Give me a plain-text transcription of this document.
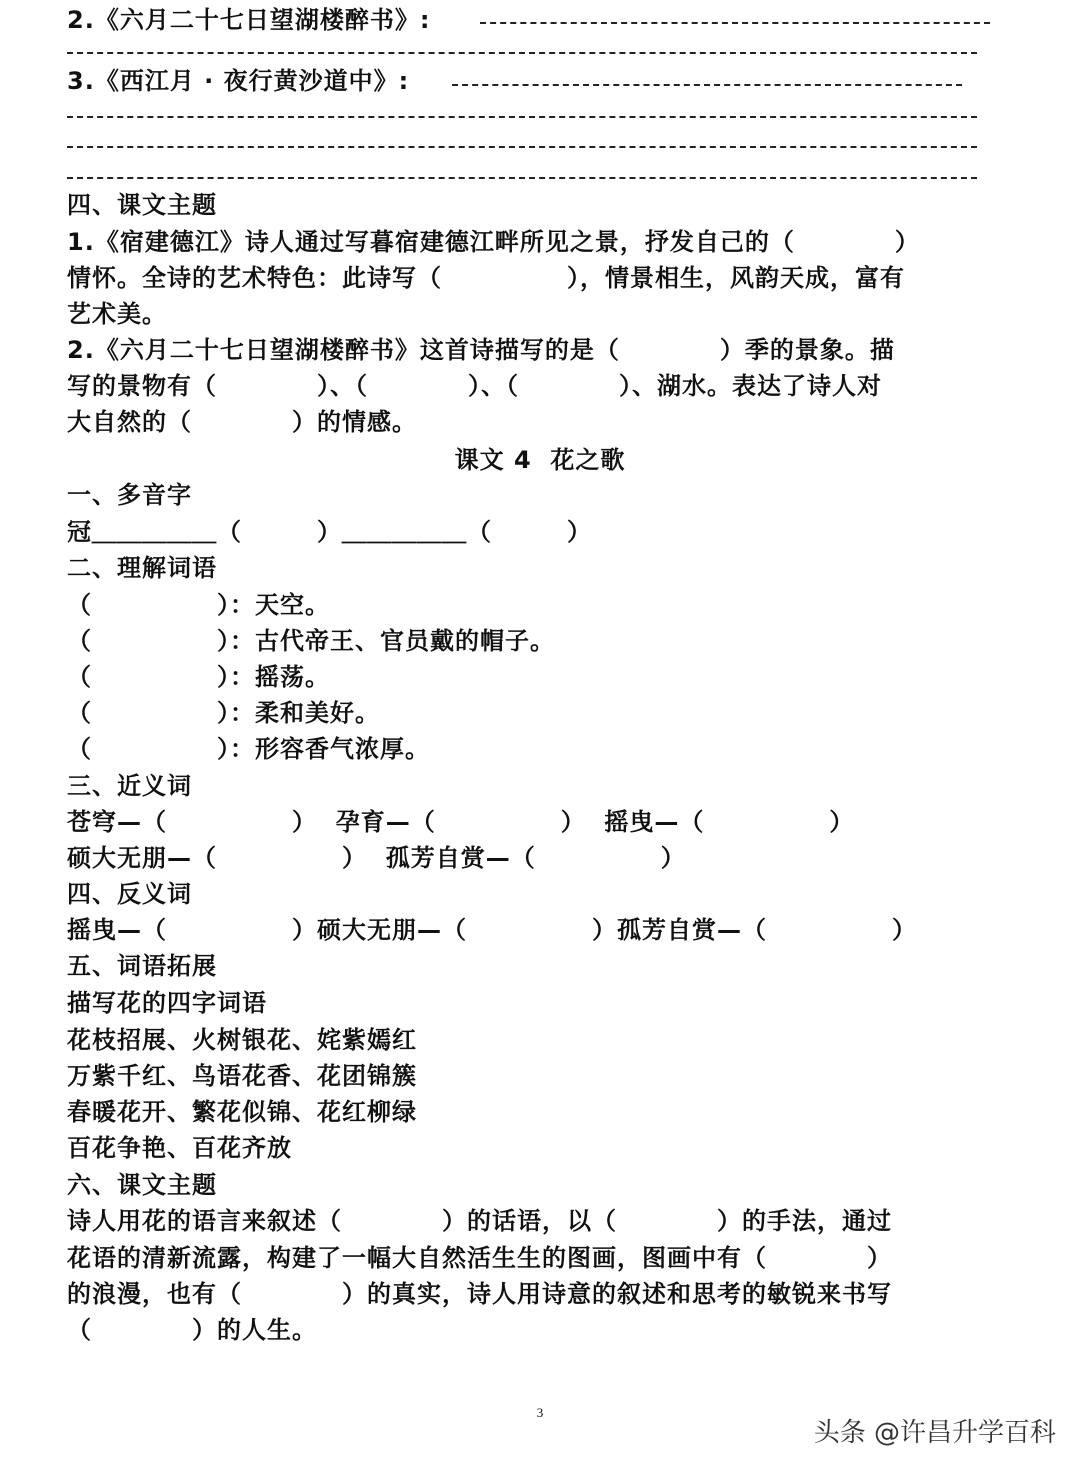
2.《六月二十七日望湖楼醉书》:
3.《西江月 · 夜行黄沙道中》:
四、课文主题
1.《宿建德江》诗人通过写暮宿建德江畔所见之景，抒发自己的（　　　　）
情怀。全诗的艺术特色：此诗写（　　　　　），情景相生，风韵天成，富有
艺术美。
2.《六月二十七日望湖楼醉书》这首诗描写的是（　　　　）季的景象。描
写的景物有（　　　　）、（　　　　）、（　　　　）、湖水。表达了诗人对
大自然的（　　　　）的情感。
课文 4  花之歌
一、多音字
冠＿＿＿＿＿（　　　）＿＿＿＿＿（　　　）
二、理解词语
（　　　　　）：天空。
（　　　　　）：古代帝王、官员戴的帽子。
（　　　　　）：摇荡。
（　　　　　）：柔和美好。
（　　　　　）：形容香气浓厚。
三、近义词
苍穹—（　　　　　）  孕育—（　　　　　）  摇曳—（　　　　　）
硕大无朋—（　　　　　）  孤芳自赏—（　　　　　）
四、反义词
摇曳—（　　　　　）硕大无朋—（　　　　　）孤芳自赏—（　　　　　）
五、词语拓展
描写花的四字词语
花枝招展、火树银花、姹紫嫣红
万紫千红、鸟语花香、花团锦簇
春暖花开、繁花似锦、花红柳绿
百花争艳、百花齐放
六、课文主题
诗人用花的语言来叙述（　　　　）的话语，以（　　　　）的手法，通过
花语的清新流露，构建了一幅大自然活生生的图画，图画中有（　　　　）
的浪漫，也有（　　　　）的真实，诗人用诗意的叙述和思考的敏锐来书写
（　　　　）的人生。
3
头条 @许昌升学百科
